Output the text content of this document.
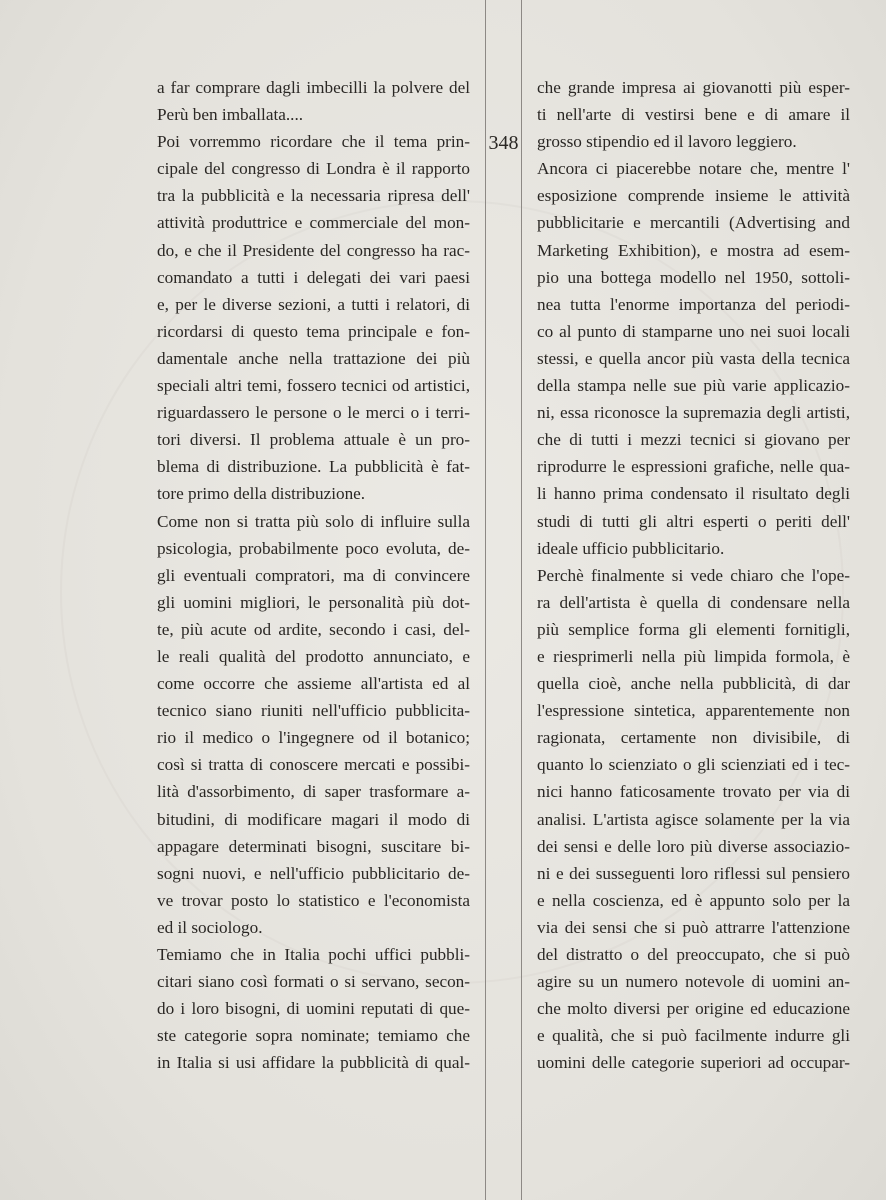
348
a far comprare dagli imbecilli la polvere del
Perù ben imballata....
Poi vorremmo ricordare che il tema prin-
cipale del congresso di Londra è il rapporto
tra la pubblicità e la necessaria ripresa dell'
attività produttrice e commerciale del mon-
do, e che il Presidente del congresso ha rac-
comandato a tutti i delegati dei vari paesi
e, per le diverse sezioni, a tutti i relatori, di
ricordarsi di questo tema principale e fon-
damentale anche nella trattazione dei più
speciali altri temi, fossero tecnici od artistici,
riguardassero le persone o le merci o i terri-
tori diversi. Il problema attuale è un pro-
blema di distribuzione. La pubblicità è fat-
tore primo della distribuzione.
Come non si tratta più solo di influire sulla
psicologia, probabilmente poco evoluta, de-
gli eventuali compratori, ma di convincere
gli uomini migliori, le personalità più dot-
te, più acute od ardite, secondo i casi, del-
le reali qualità del prodotto annunciato, e
come occorre che assieme all'artista ed al
tecnico siano riuniti nell'ufficio pubblicita-
rio il medico o l'ingegnere od il botanico;
così si tratta di conoscere mercati e possibi-
lità d'assorbimento, di saper trasformare a-
bitudini, di modificare magari il modo di
appagare determinati bisogni, suscitare bi-
sogni nuovi, e nell'ufficio pubblicitario de-
ve trovar posto lo statistico e l'economista
ed il sociologo.
Temiamo che in Italia pochi uffici pubbli-
citari siano così formati o si servano, secon-
do i loro bisogni, di uomini reputati di que-
ste categorie sopra nominate; temiamo che
in Italia si usi affidare la pubblicità di qual-
che grande impresa ai giovanotti più esper-
ti nell'arte di vestirsi bene e di amare il
grosso stipendio ed il lavoro leggiero.
Ancora ci piacerebbe notare che, mentre l'
esposizione comprende insieme le attività
pubblicitarie e mercantili (Advertising and
Marketing Exhibition), e mostra ad esem-
pio una bottega modello nel 1950, sottoli-
nea tutta l'enorme importanza del periodi-
co al punto di stamparne uno nei suoi locali
stessi, e quella ancor più vasta della tecnica
della stampa nelle sue più varie applicazio-
ni, essa riconosce la supremazia degli artisti,
che di tutti i mezzi tecnici si giovano per
riprodurre le espressioni grafiche, nelle qua-
li hanno prima condensato il risultato degli
studi di tutti gli altri esperti o periti dell'
ideale ufficio pubblicitario.
Perchè finalmente si vede chiaro che l'ope-
ra dell'artista è quella di condensare nella
più semplice forma gli elementi fornitigli,
e riesprimerli nella più limpida formola, è
quella cioè, anche nella pubblicità, di dar
l'espressione sintetica, apparentemente non
ragionata, certamente non divisibile, di
quanto lo scienziato o gli scienziati ed i tec-
nici hanno faticosamente trovato per via di
analisi. L'artista agisce solamente per la via
dei sensi e delle loro più diverse associazio-
ni e dei susseguenti loro riflessi sul pensiero
e nella coscienza, ed è appunto solo per la
via dei sensi che si può attrarre l'attenzione
del distratto o del preoccupato, che si può
agire su un numero notevole di uomini an-
che molto diversi per origine ed educazione
e qualità, che si può facilmente indurre gli
uomini delle categorie superiori ad occupar-
